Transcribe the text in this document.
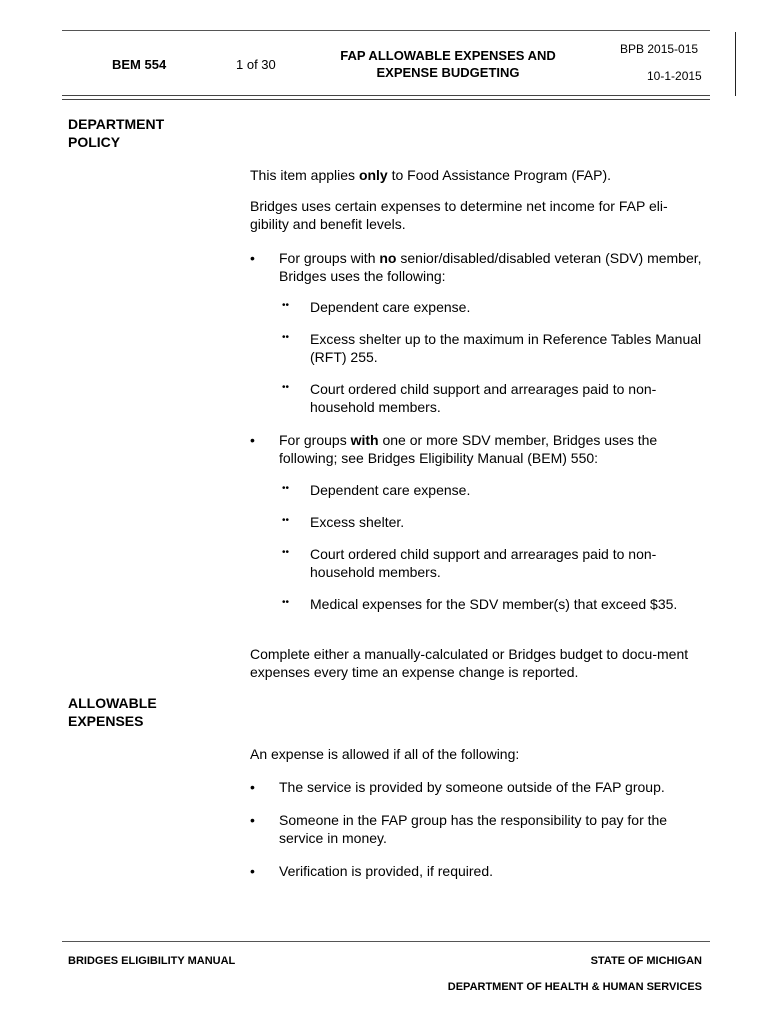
BEM 554	1 of 30
FAP ALLOWABLE EXPENSES AND
EXPENSE BUDGETING
BPB 2015-015
10-1-2015
DEPARTMENT
POLICY
This item applies only to Food Assistance Program (FAP).
Bridges uses certain expenses to determine net income for FAP eli-gibility and benefit levels.
• For groups with no senior/disabled/disabled veteran (SDV) member, Bridges uses the following:
•• Dependent care expense.
•• Excess shelter up to the maximum in Reference Tables Manual (RFT) 255.
•• Court ordered child support and arrearages paid to non-household members.
• For groups with one or more SDV member, Bridges uses the following; see Bridges Eligibility Manual (BEM) 550:
•• Dependent care expense.
•• Excess shelter.
•• Court ordered child support and arrearages paid to non-household members.
•• Medical expenses for the SDV member(s) that exceed $35.
Complete either a manually-calculated or Bridges budget to docu-ment expenses every time an expense change is reported.
ALLOWABLE
EXPENSES
An expense is allowed if all of the following:
• The service is provided by someone outside of the FAP group.
• Someone in the FAP group has the responsibility to pay for the service in money.
• Verification is provided, if required.
BRIDGES ELIGIBILITY MANUAL	STATE OF MICHIGAN
DEPARTMENT OF HEALTH & HUMAN SERVICES
